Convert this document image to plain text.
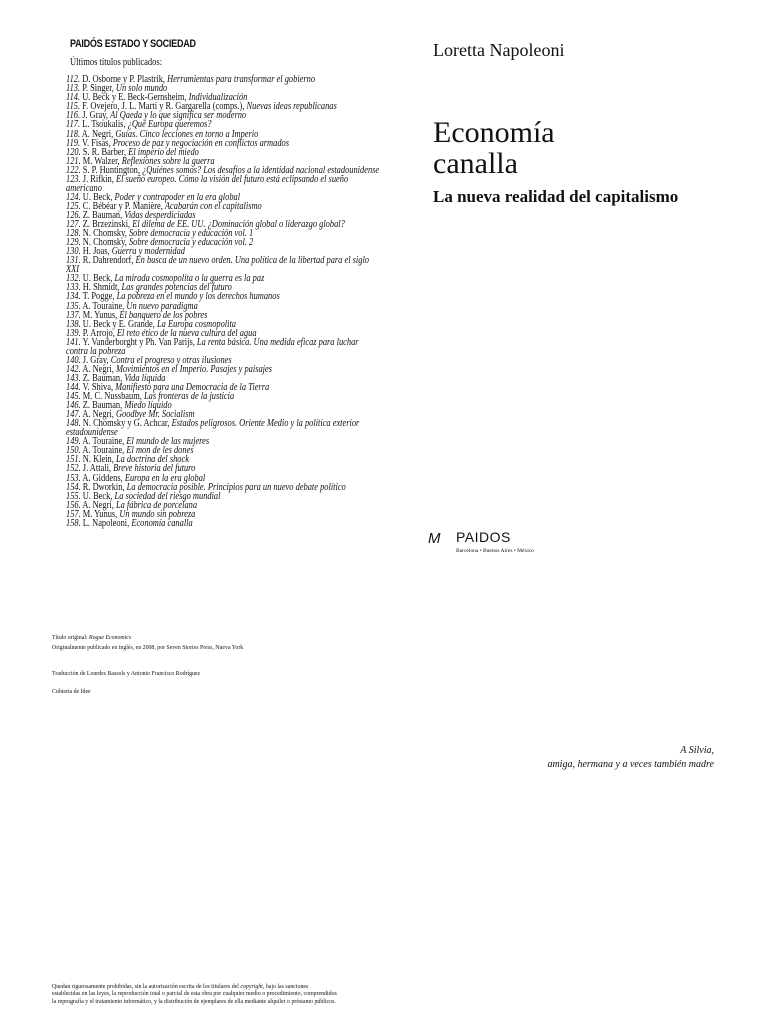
PAIDÓS ESTADO Y SOCIEDAD
Últimos títulos publicados:
112. D. Osborne y P. Plastrik, Herramientas para transformar el gobierno
113. P. Singer, Un solo mundo
114. U. Beck y E. Beck-Gernsheim, Individualización
115. F. Ovejero, J. L. Martí y R. Gargarella (comps.), Nuevas ideas republicanas
116. J. Gray, Al Qaeda y lo que significa ser moderno
117. L. Tsoukalis, ¿Qué Europa queremos?
118. A. Negri, Guías. Cinco lecciones en torno a Imperio
119. V. Fisas, Proceso de paz y negociación en conflictos armados
120. S. R. Barber, El imperio del miedo
121. M. Walzer, Reflexiones sobre la guerra
122. S. P. Huntington, ¿Quiénes somos? Los desafíos a la identidad nacional estadounidense
123. J. Rifkin, El sueño europeo. Cómo la visión del futuro está eclipsando el sueño americano
124. U. Beck, Poder y contrapoder en la era global
125. C. Bébéar y P. Manière, Acabarán con el capitalismo
126. Z. Bauman, Vidas desperdiciadas
127. Z. Brzezinski, El dilema de EE. UU. ¿Dominación global o liderazgo global?
128. N. Chomsky, Sobre democracia y educación vol. 1
129. N. Chomsky, Sobre democracia y educación vol. 2
130. H. Joas, Guerra y modernidad
131. R. Dahrendorf, En busca de un nuevo orden. Una política de la libertad para el siglo XXI
132. U. Beck, La mirada cosmopolita o la guerra es la paz
133. H. Shmidt, Las grandes potencias del futuro
134. T. Pogge, La pobreza en el mundo y los derechos humanos
135. A. Touraine, Un nuevo paradigma
137. M. Yunus, El banquero de los pobres
138. U. Beck y E. Grande, La Europa cosmopolita
139. P. Arrojo, El reto ético de la nueva cultura del agua
141. Y. Vanderborght y Ph. Van Parijs, La renta básica. Una medida eficaz para luchar contra la pobreza
140. J. Gray, Contra el progreso y otras ilusiones
142. A. Negri, Movimientos en el Imperio. Pasajes y paisajes
143. Z. Bauman, Vida líquida
144. V. Shiva, Manifiesto para una Democracia de la Tierra
145. M. C. Nussbaum, Las fronteras de la justicia
146. Z. Bauman, Miedo líquido
147. A. Negri, Goodbye Mr. Socialism
148. N. Chomsky y G. Achcar, Estados peligrosos. Oriente Medio y la política exterior estadounidense
149. A. Touraine, El mundo de las mujeres
150. A. Touraine, El mon de les dones
151. N. Klein, La doctrina del shock
152. J. Attali, Breve historia del futuro
153. A. Giddens, Europa en la era global
154. R. Dworkin, La democracia posible. Principios para un nuevo debate político
155. U. Beck, La sociedad del riesgo mundial
156. A. Negri, La fábrica de porcelana
157. M. Yunus, Un mundo sin pobreza
158. L. Napoleoni, Economía canalla
Loretta Napoleoni
Economía
canalla
La nueva realidad del capitalismo
M	PAIDOS
Barcelona • Buenos Aires • México
Título original: Rogue Economics
Originalmente publicado en inglés, en 2008, por Seven Stories Press, Nueva York
Traducción de Lourdes Bassols y Antonio Francisco Rodríguez
Cubierta de Idee
A Silvia,
amiga, hermana y a veces también madre
Quedan rigurosamente prohibidas, sin la autorización escrita de los titulares del copyright, bajo las sanciones establecidas en las leyes, la reproducción total o parcial de esta obra por cualquier medio o procedimiento, comprendidos la reprografía y el tratamiento informático, y la distribución de ejemplares de ella mediante alquiler o préstamo públicos.
